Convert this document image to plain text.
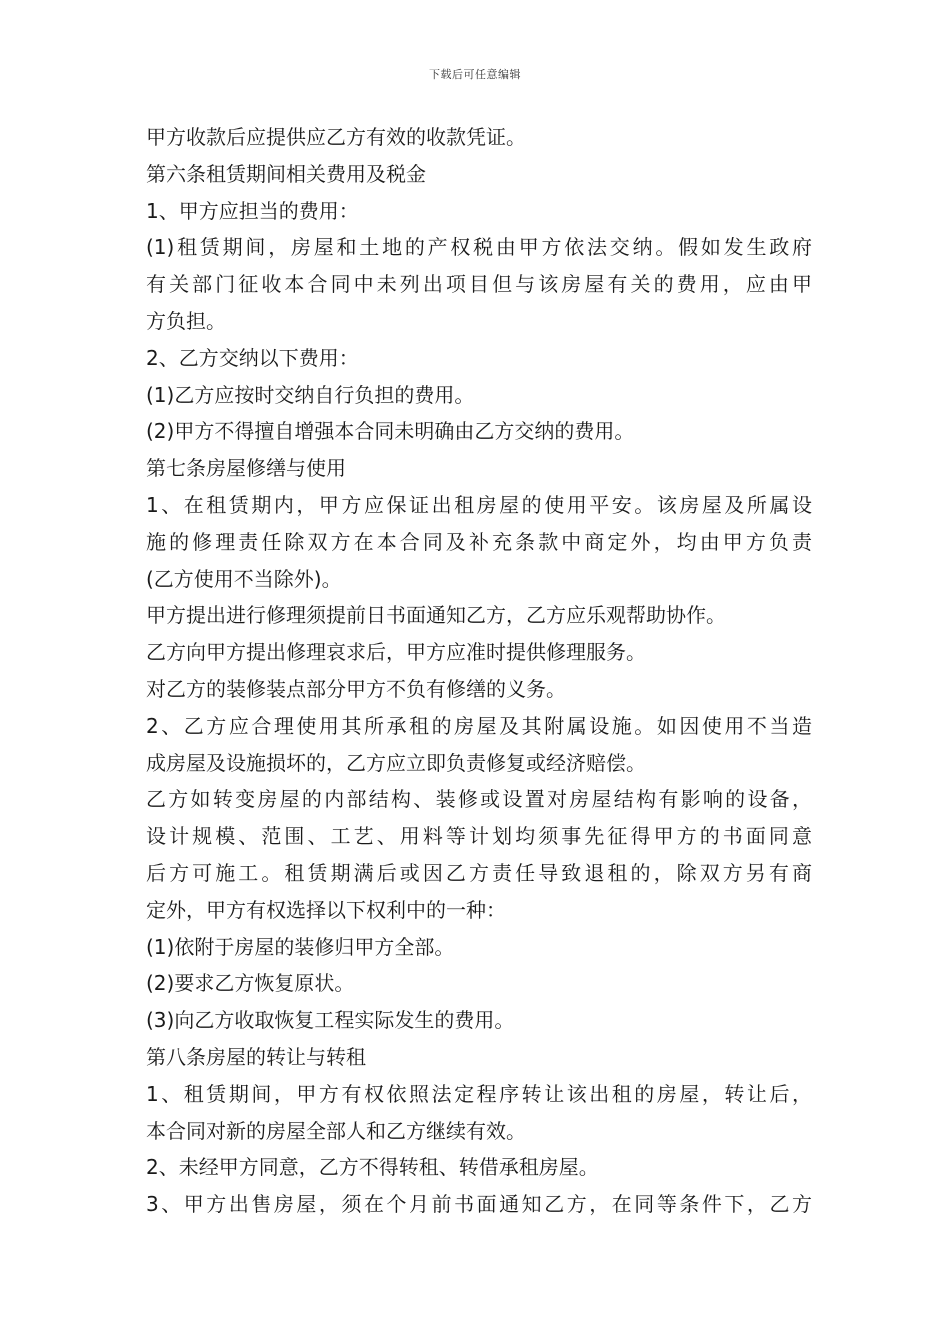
下载后可任意编辑
甲方收款后应提供应乙方有效的收款凭证。
第六条租赁期间相关费用及税金
1、甲方应担当的费用：
(1)租赁期间，房屋和土地的产权税由甲方依法交纳。假如发生政府
有关部门征收本合同中未列出项目但与该房屋有关的费用，应由甲
方负担。
2、乙方交纳以下费用：
(1)乙方应按时交纳自行负担的费用。
(2)甲方不得擅自增强本合同未明确由乙方交纳的费用。
第七条房屋修缮与使用
1、在租赁期内，甲方应保证出租房屋的使用平安。该房屋及所属设
施的修理责任除双方在本合同及补充条款中商定外，均由甲方负责
(乙方使用不当除外)。
甲方提出进行修理须提前日书面通知乙方，乙方应乐观帮助协作。
乙方向甲方提出修理哀求后，甲方应准时提供修理服务。
对乙方的装修装点部分甲方不负有修缮的义务。
2、乙方应合理使用其所承租的房屋及其附属设施。如因使用不当造
成房屋及设施损坏的，乙方应立即负责修复或经济赔偿。
乙方如转变房屋的内部结构、装修或设置对房屋结构有影响的设备，
设计规模、范围、工艺、用料等计划均须事先征得甲方的书面同意
后方可施工。租赁期满后或因乙方责任导致退租的，除双方另有商
定外，甲方有权选择以下权利中的一种：
(1)依附于房屋的装修归甲方全部。
(2)要求乙方恢复原状。
(3)向乙方收取恢复工程实际发生的费用。
第八条房屋的转让与转租
1、租赁期间，甲方有权依照法定程序转让该出租的房屋，转让后，
本合同对新的房屋全部人和乙方继续有效。
2、未经甲方同意，乙方不得转租、转借承租房屋。
3、甲方出售房屋，须在个月前书面通知乙方，在同等条件下，乙方
